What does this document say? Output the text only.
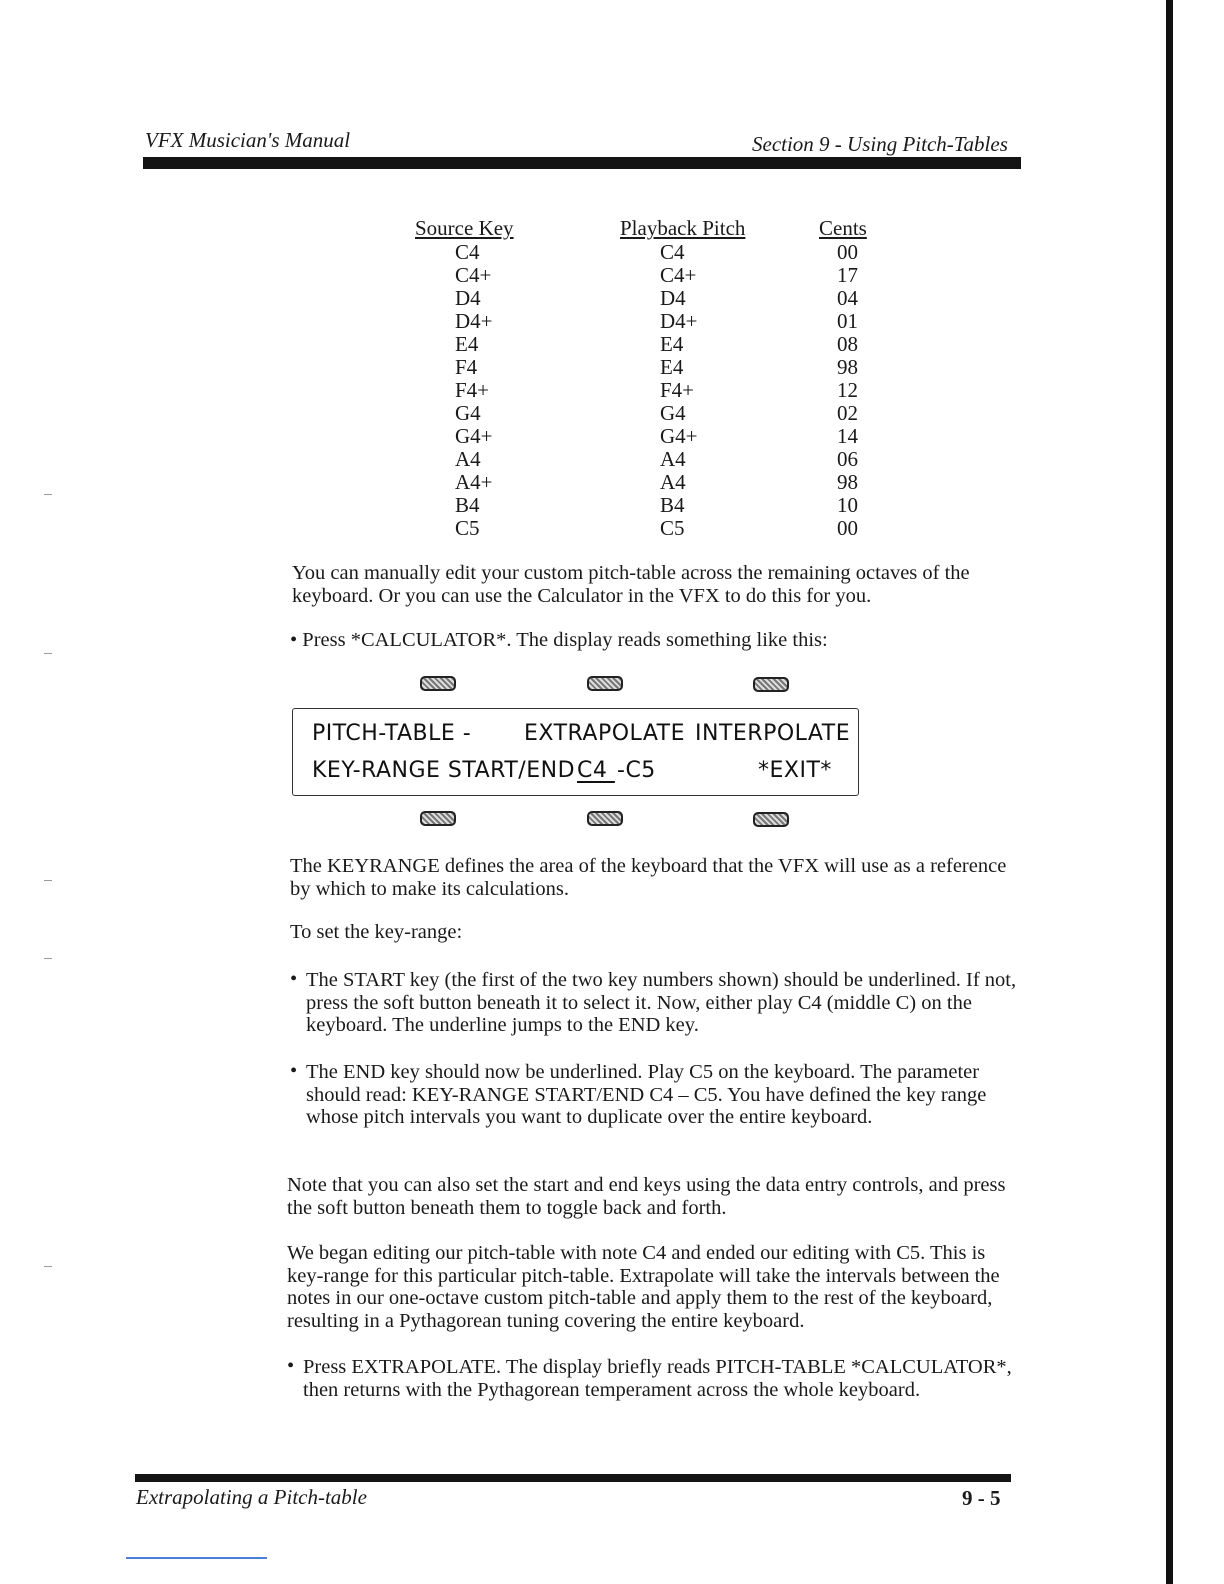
VFX Musician's Manual	Section 9 - Using Pitch-Tables
Source Key	Playback Pitch	Cents
C4	C4	00
C4+	C4+	17
D4	D4	04
D4+	D4+	01
E4	E4	08
F4	E4	98
F4+	F4+	12
G4	G4	02
G4+	G4+	14
A4	A4	06
A4+	A4	98
B4	B4	10
C5	C5	00

You can manually edit your custom pitch-table across the remaining octaves of the keyboard. Or you can use the Calculator in the VFX to do this for you.

• Press *CALCULATOR*. The display reads something like this:

PITCH-TABLE - EXTRAPOLATE INTERPOLATE
KEY-RANGE START/END C4 -C5	*EXIT*

The KEYRANGE defines the area of the keyboard that the VFX will use as a reference by which to make its calculations.

To set the key-range:

• The START key (the first of the two key numbers shown) should be underlined. If not, press the soft button beneath it to select it. Now, either play C4 (middle C) on the keyboard. The underline jumps to the END key.

• The END key should now be underlined. Play C5 on the keyboard. The parameter should read: KEY-RANGE START/END C4 – C5. You have defined the key range whose pitch intervals you want to duplicate over the entire keyboard.

Note that you can also set the start and end keys using the data entry controls, and press the soft button beneath them to toggle back and forth.

We began editing our pitch-table with note C4 and ended our editing with C5. This is key-range for this particular pitch-table. Extrapolate will take the intervals between the notes in our one-octave custom pitch-table and apply them to the rest of the keyboard, resulting in a Pythagorean tuning covering the entire keyboard.

• Press EXTRAPOLATE. The display briefly reads PITCH-TABLE *CALCULATOR*, then returns with the Pythagorean temperament across the whole keyboard.

Extrapolating a Pitch-table	9 - 5
